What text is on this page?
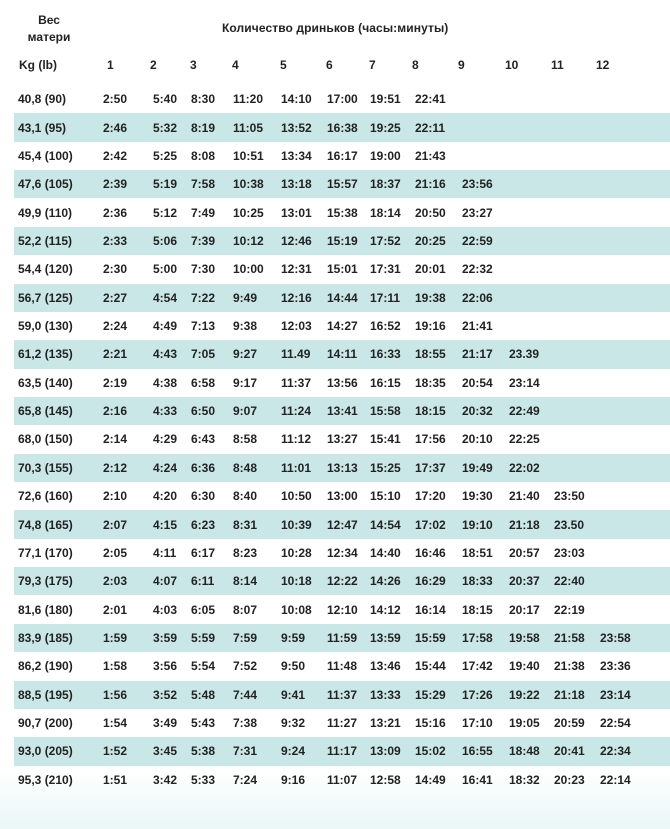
Вес матери
Количество дриньков (часы:минуты)
Kg (lb)	1	2	3	4	5	6	7	8	9	10	11	12
40,8 (90)	2:50	5:40	8:30	11:20	14:10	17:00	19:51	22:41					
43,1 (95)	2:46	5:32	8:19	11:05	13:52	16:38	19:25	22:11					
45,4 (100)	2:42	5:25	8:08	10:51	13:34	16:17	19:00	21:43					
47,6 (105)	2:39	5:19	7:58	10:38	13:18	15:57	18:37	21:16	23:56				
49,9 (110)	2:36	5:12	7:49	10:25	13:01	15:38	18:14	20:50	23:27				
52,2 (115)	2:33	5:06	7:39	10:12	12:46	15:19	17:52	20:25	22:59				
54,4 (120)	2:30	5:00	7:30	10:00	12:31	15:01	17:31	20:01	22:32				
56,7 (125)	2:27	4:54	7:22	9:49	12:16	14:44	17:11	19:38	22:06				
59,0 (130)	2:24	4:49	7:13	9:38	12:03	14:27	16:52	19:16	21:41				
61,2 (135)	2:21	4:43	7:05	9:27	11.49	14:11	16:33	18:55	21:17	23.39			
63,5 (140)	2:19	4:38	6:58	9:17	11:37	13:56	16:15	18:35	20:54	23:14			
65,8 (145)	2:16	4:33	6:50	9:07	11:24	13:41	15:58	18:15	20:32	22:49			
68,0 (150)	2:14	4:29	6:43	8:58	11:12	13:27	15:41	17:56	20:10	22:25			
70,3 (155)	2:12	4:24	6:36	8:48	11:01	13:13	15:25	17:37	19:49	22:02			
72,6 (160)	2:10	4:20	6:30	8:40	10:50	13:00	15:10	17:20	19:30	21:40	23:50		
74,8 (165)	2:07	4:15	6:23	8:31	10:39	12:47	14:54	17:02	19:10	21:18	23.50		
77,1 (170)	2:05	4:11	6:17	8:23	10:28	12:34	14:40	16:46	18:51	20:57	23:03		
79,3 (175)	2:03	4:07	6:11	8:14	10:18	12:22	14:26	16:29	18:33	20:37	22:40		
81,6 (180)	2:01	4:03	6:05	8:07	10:08	12:10	14:12	16:14	18:15	20:17	22:19		
83,9 (185)	1:59	3:59	5:59	7:59	9:59	11:59	13:59	15:59	17:58	19:58	21:58	23:58	
86,2 (190)	1:58	3:56	5:54	7:52	9:50	11:48	13:46	15:44	17:42	19:40	21:38	23:36	
88,5 (195)	1:56	3:52	5:48	7:44	9:41	11:37	13:33	15:29	17:26	19:22	21:18	23:14	
90,7 (200)	1:54	3:49	5:43	7:38	9:32	11:27	13:21	15:16	17:10	19:05	20:59	22:54	
93,0 (205)	1:52	3:45	5:38	7:31	9:24	11:17	13:09	15:02	16:55	18:48	20:41	22:34	
95,3 (210)	1:51	3:42	5:33	7:24	9:16	11:07	12:58	14:49	16:41	18:32	20:23	22:14	
